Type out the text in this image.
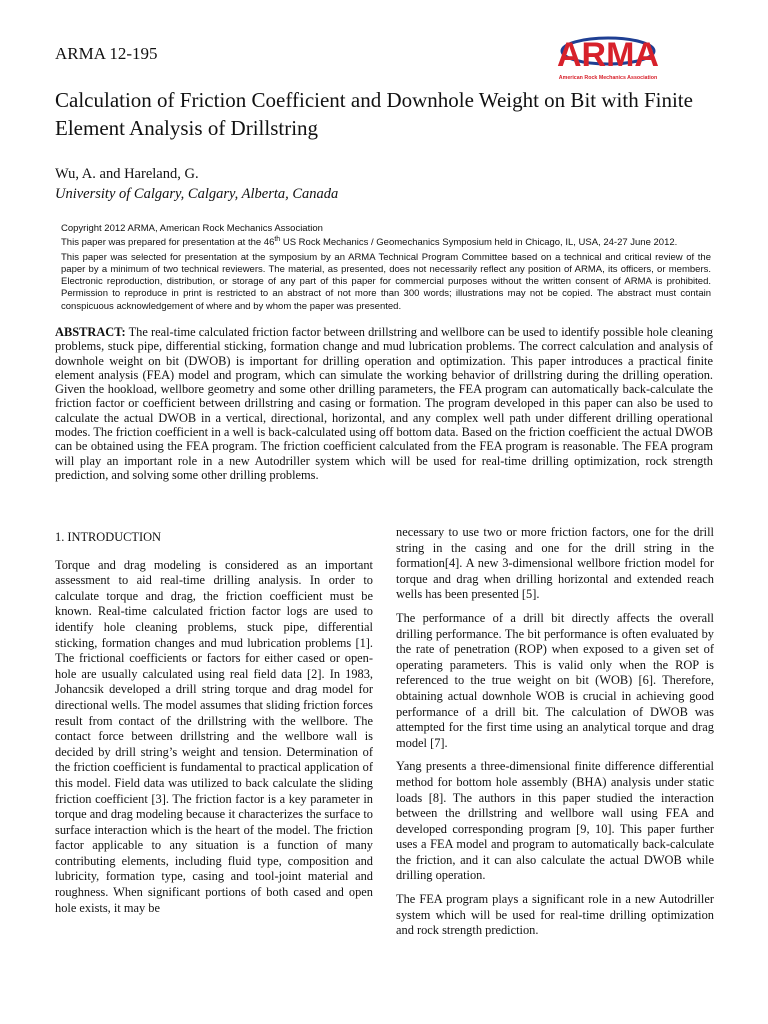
ARMA 12-195	ARMA
American Rock Mechanics Association
Calculation of Friction Coefficient and Downhole Weight on Bit with Finite Element Analysis of Drillstring
Wu, A. and Hareland, G.
University of Calgary, Calgary, Alberta, Canada

Copyright 2012 ARMA, American Rock Mechanics Association

This paper was prepared for presentation at the 46th US Rock Mechanics / Geomechanics Symposium held in Chicago, IL, USA, 24-27 June 2012.

This paper was selected for presentation at the symposium by an ARMA Technical Program Committee based on a technical and critical review of the paper by a minimum of two technical reviewers. The material, as presented, does not necessarily reflect any position of ARMA, its officers, or members. Electronic reproduction, distribution, or storage of any part of this paper for commercial purposes without the written consent of ARMA is prohibited. Permission to reproduce in print is restricted to an abstract of not more than 300 words; illustrations may not be copied. The abstract must contain conspicuous acknowledgement of where and by whom the paper was presented.

ABSTRACT: The real-time calculated friction factor between drillstring and wellbore can be used to identify possible hole cleaning problems, stuck pipe, differential sticking, formation change and mud lubrication problems. The correct calculation and analysis of downhole weight on bit (DWOB) is important for drilling operation and optimization. This paper introduces a practical finite element analysis (FEA) model and program, which can simulate the working behavior of drillstring during the drilling operation. Given the hookload, wellbore geometry and some other drilling parameters, the FEA program can automatically back-calculate the friction factor or coefficient between drillstring and casing or formation. The program developed in this paper can also be used to calculate the actual DWOB in a vertical, directional, horizontal, and any complex well path under different drilling operational modes. The friction coefficient in a well is back-calculated using off bottom data. Based on the friction coefficient the actual DWOB can be obtained using the FEA program. The friction coefficient calculated from the FEA program is reasonable. The FEA program will play an important role in a new Autodriller system which will be used for real-time drilling optimization, rock strength prediction, and solving some other drilling problems.

1. INTRODUCTION

Torque and drag modeling is considered as an important assessment to aid real-time drilling analysis. In order to calculate torque and drag, the friction coefficient must be known. Real-time calculated friction factor logs are used to identify hole cleaning problems, stuck pipe, differential sticking, formation changes and mud lubrication problems [1]. The frictional coefficients or factors for either cased or open-hole are usually calculated using real field data [2]. In 1983, Johancsik developed a drill string torque and drag model for directional wells. The model assumes that sliding friction forces result from contact of the drillstring with the wellbore. The contact force between drillstring and the wellbore wall is decided by drill string’s weight and tension. Determination of the friction coefficient is fundamental to practical application of this model. Field data was utilized to back calculate the sliding friction coefficient [3]. The friction factor is a key parameter in torque and drag modeling because it characterizes the surface to surface interaction which is the heart of the model. The friction factor applicable to any situation is a function of many contributing elements, including fluid type, composition and lubricity, formation type, casing and tool-joint material and roughness. When significant portions of both cased and open hole exists, it may be

necessary to use two or more friction factors, one for the drill string in the casing and one for the drill string in the formation[4]. A new 3-dimensional wellbore friction model for torque and drag when drilling horizontal and extended reach wells has been presented [5].

The performance of a drill bit directly affects the overall drilling performance. The bit performance is often evaluated by the rate of penetration (ROP) when exposed to a given set of operating parameters. This is valid only when the ROP is referenced to the true weight on bit (WOB) [6]. Therefore, obtaining actual downhole WOB is crucial in achieving good performance of a drill bit. The calculation of DWOB was attempted for the first time using an analytical torque and drag model [7].

Yang presents a three-dimensional finite difference differential method for bottom hole assembly (BHA) analysis under static loads [8]. The authors in this paper studied the interaction between the drillstring and wellbore wall using FEA and developed corresponding program [9, 10]. This paper further uses a FEA model and program to automatically back-calculate the friction, and it can also calculate the actual DWOB while drilling operation.

The FEA program plays a significant role in a new Autodriller system which will be used for real-time drilling optimization and rock strength prediction.
